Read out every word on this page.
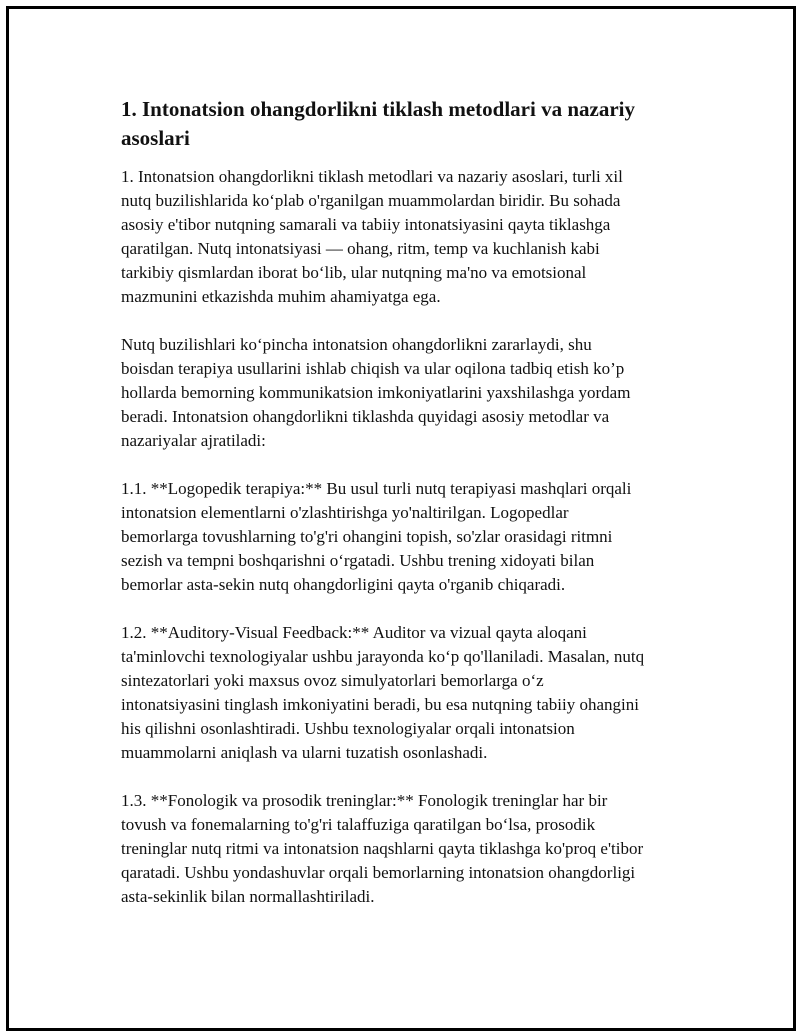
1. Intonatsion ohangdorlikni tiklash metodlari va nazariy
asoslari

1. Intonatsion ohangdorlikni tiklash metodlari va nazariy asoslari, turli xil
nutq buzilishlarida koʻplab o'rganilgan muammolardan biridir. Bu sohada
asosiy e'tibor nutqning samarali va tabiiy intonatsiyasini qayta tiklashga
qaratilgan. Nutq intonatsiyasi — ohang, ritm, temp va kuchlanish kabi
tarkibiy qismlardan iborat boʻlib, ular nutqning ma'no va emotsional
mazmunini etkazishda muhim ahamiyatga ega.

Nutq buzilishlari koʻpincha intonatsion ohangdorlikni zararlaydi, shu
boisdan terapiya usullarini ishlab chiqish va ular oqilona tadbiq etish ko’p
hollarda bemorning kommunikatsion imkoniyatlarini yaxshilashga yordam
beradi. Intonatsion ohangdorlikni tiklashda quyidagi asosiy metodlar va
nazariyalar ajratiladi:

1.1. **Logopedik terapiya:** Bu usul turli nutq terapiyasi mashqlari orqali
intonatsion elementlarni o'zlashtirishga yo'naltirilgan. Logopedlar
bemorlarga tovushlarning to'g'ri ohangini topish, so'zlar orasidagi ritmni
sezish va tempni boshqarishni oʻrgatadi. Ushbu trening xidoyati bilan
bemorlar asta-sekin nutq ohangdorligini qayta o'rganib chiqaradi.

1.2. **Auditory-Visual Feedback:** Auditor va vizual qayta aloqani
ta'minlovchi texnologiyalar ushbu jarayonda koʻp qo'llaniladi. Masalan, nutq
sintezatorlari yoki maxsus ovoz simulyatorlari bemorlarga oʻz
intonatsiyasini tinglash imkoniyatini beradi, bu esa nutqning tabiiy ohangini
his qilishni osonlashtiradi. Ushbu texnologiyalar orqali intonatsion
muammolarni aniqlash va ularni tuzatish osonlashadi.

1.3. **Fonologik va prosodik treninglar:** Fonologik treninglar har bir
tovush va fonemalarning to'g'ri talaffuziga qaratilgan boʻlsa, prosodik
treninglar nutq ritmi va intonatsion naqshlarni qayta tiklashga ko'proq e'tibor
qaratadi. Ushbu yondashuvlar orqali bemorlarning intonatsion ohangdorligi
asta-sekinlik bilan normallashtiriladi.
